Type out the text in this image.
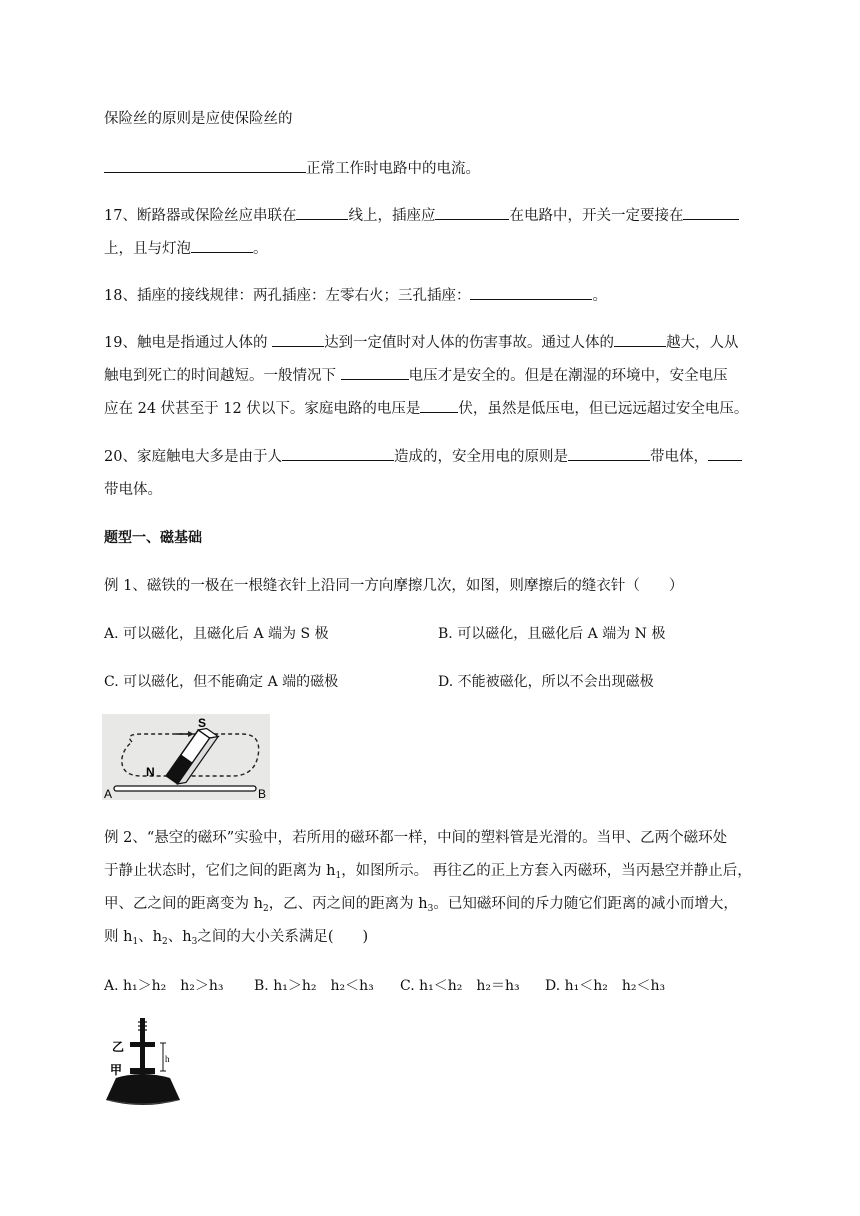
保险丝的原则是应使保险丝的
正常工作时电路中的电流。
17、断路器或保险丝应串联在	线上，插座应	在电路中，开关一定要接在
上，且与灯泡	。
18、插座的接线规律：两孔插座：左零右火；三孔插座：	。
19、触电是指通过人体的	达到一定值时对人体的伤害事故。通过人体的	越大，人从
触电到死亡的时间越短。一般情况下	电压才是安全的。但是在潮湿的环境中，安全电压
应在 24 伏甚至于 12 伏以下。家庭电路的电压是	伏，虽然是低压电，但已远远超过安全电压。
20、家庭触电大多是由于人	造成的，安全用电的原则是	带电体，
带电体。
题型一、磁基础
例 1、磁铁的一极在一根缝衣针上沿同一方向摩擦几次，如图，则摩擦后的缝衣针（　　）
A. 可以磁化，且磁化后 A 端为 S 极	B. 可以磁化，且磁化后 A 端为 N 极
C. 可以磁化，但不能确定 A 端的磁极	D. 不能被磁化，所以不会出现磁极
S
N
A	B
例 2、“悬空的磁环”实验中，若所用的磁环都一样，中间的塑料管是光滑的。当甲、乙两个磁环处
于静止状态时，它们之间的距离为 $h_1$，如图所示。 再往乙的正上方套入丙磁环，当丙悬空并静止后，
甲、乙之间的距离变为 $h_2$，乙、丙之间的距离为 $h_3$。已知磁环间的斥力随它们距离的减小而增大，
则 $h_1$、$h_2$、$h_3$之间的大小关系满足(　　)
A. h₁＞h₂　h₂＞h₃ B. h₁＞h₂　h₂＜h₃ C. h₁＜h₂　h₂＝h₃ D. h₁＜h₂　h₂＜h₃
h
乙
甲
